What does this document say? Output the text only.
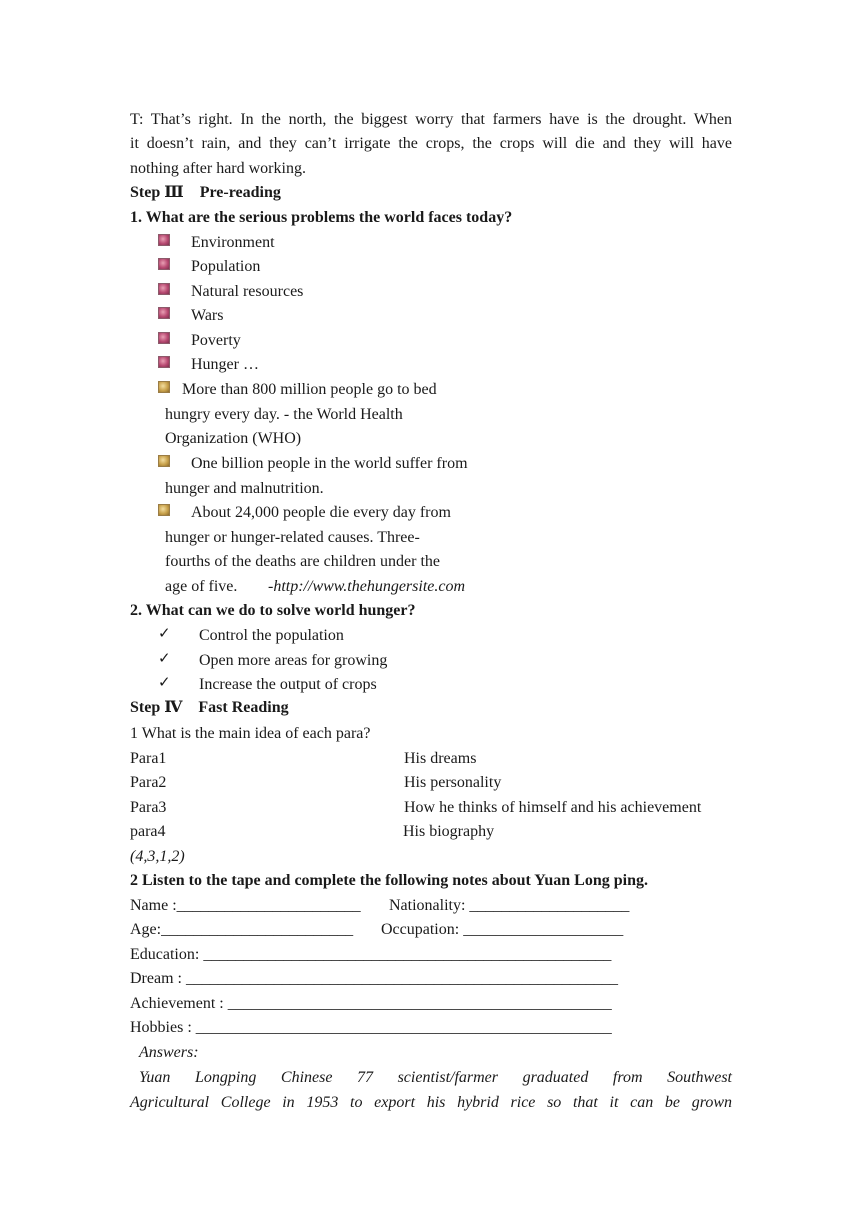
T: That’s right. In the north, the biggest worry that farmers have is the drought. When
it doesn’t rain, and they can’t irrigate the crops, the crops will die and they will have
nothing after hard working.
Step Ⅲ Pre-reading
1. What are the serious problems the world faces today?
Environment
Population
Natural resources
Wars
Poverty
Hunger …
More than 800 million people go to bed
hungry every day. - the World Health
Organization (WHO)
One billion people in the world suffer from
hunger and malnutrition.
About 24,000 people die every day from
hunger or hunger-related causes. Three-
fourths of the deaths are children under the
age of five. -http://www.thehungersite.com
2. What can we do to solve world hunger?
✓ Control the population
✓ Open more areas for growing
✓ Increase the output of crops
Step Ⅳ Fast Reading
1 What is the main idea of each para?
Para1	His dreams
Para2	His personality
Para3	How he thinks of himself and his achievement
para4	His biography
(4,3,1,2)
2 Listen to the tape and complete the following notes about Yuan Long ping.
Name :_______________________ Nationality: ____________________
Age:________________________ Occupation: ____________________
Education: ___________________________________________________
Dream : ______________________________________________________
Achievement : ________________________________________________
Hobbies : ____________________________________________________
Answers:
Yuan Longping Chinese 77 scientist/farmer graduated from Southwest
Agricultural College in 1953 to export his hybrid rice so that it can be grown
